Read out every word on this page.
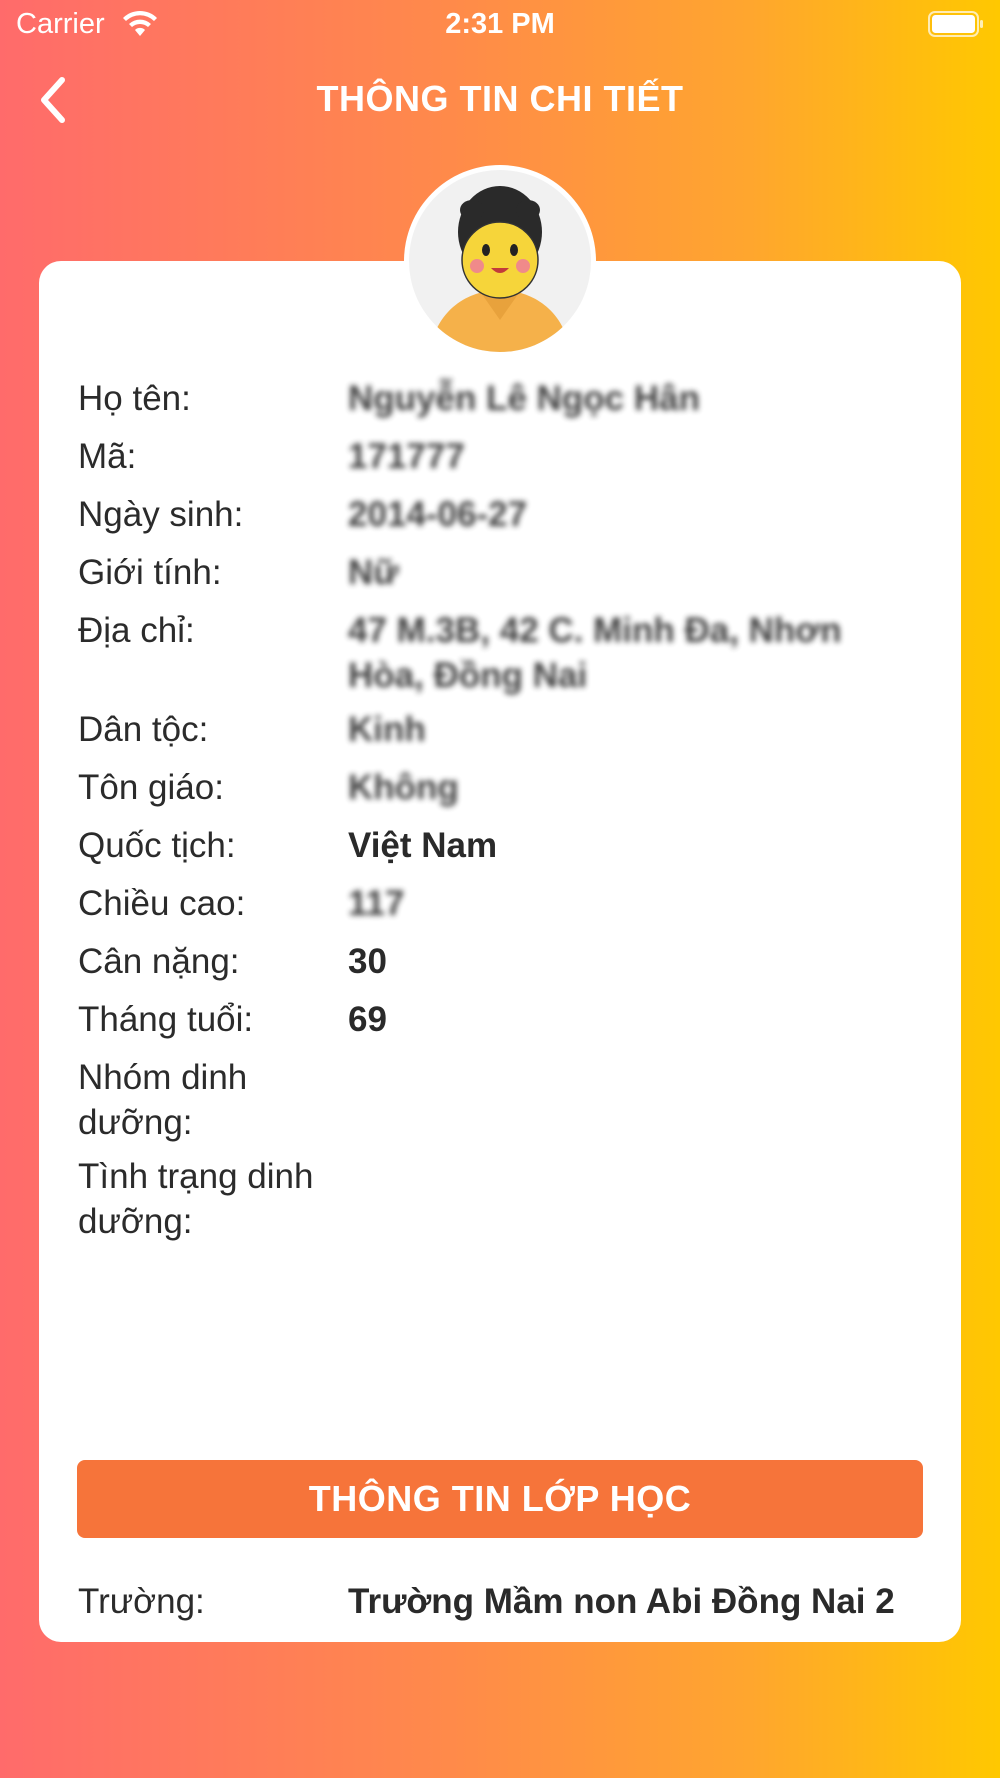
Carrier	2:31 PM
THÔNG TIN CHI TIẾT
Họ tên:	Nguyễn Lê Ngọc Hân
Mã:	171777
Ngày sinh:	2014-06-27
Giới tính:	Nữ
Địa chỉ:	47 M.3B, 42 C. Minh Đa, Nhơn Hòa, Đồng Nai
Dân tộc:	Kinh
Tôn giáo:	Không
Quốc tịch:	Việt Nam
Chiều cao:	117
Cân nặng:	30
Tháng tuổi:	69
Nhóm dinh dưỡng:
Tình trạng dinh dưỡng:
THÔNG TIN LỚP HỌC
Trường:	Trường Mầm non Abi Đồng Nai 2
